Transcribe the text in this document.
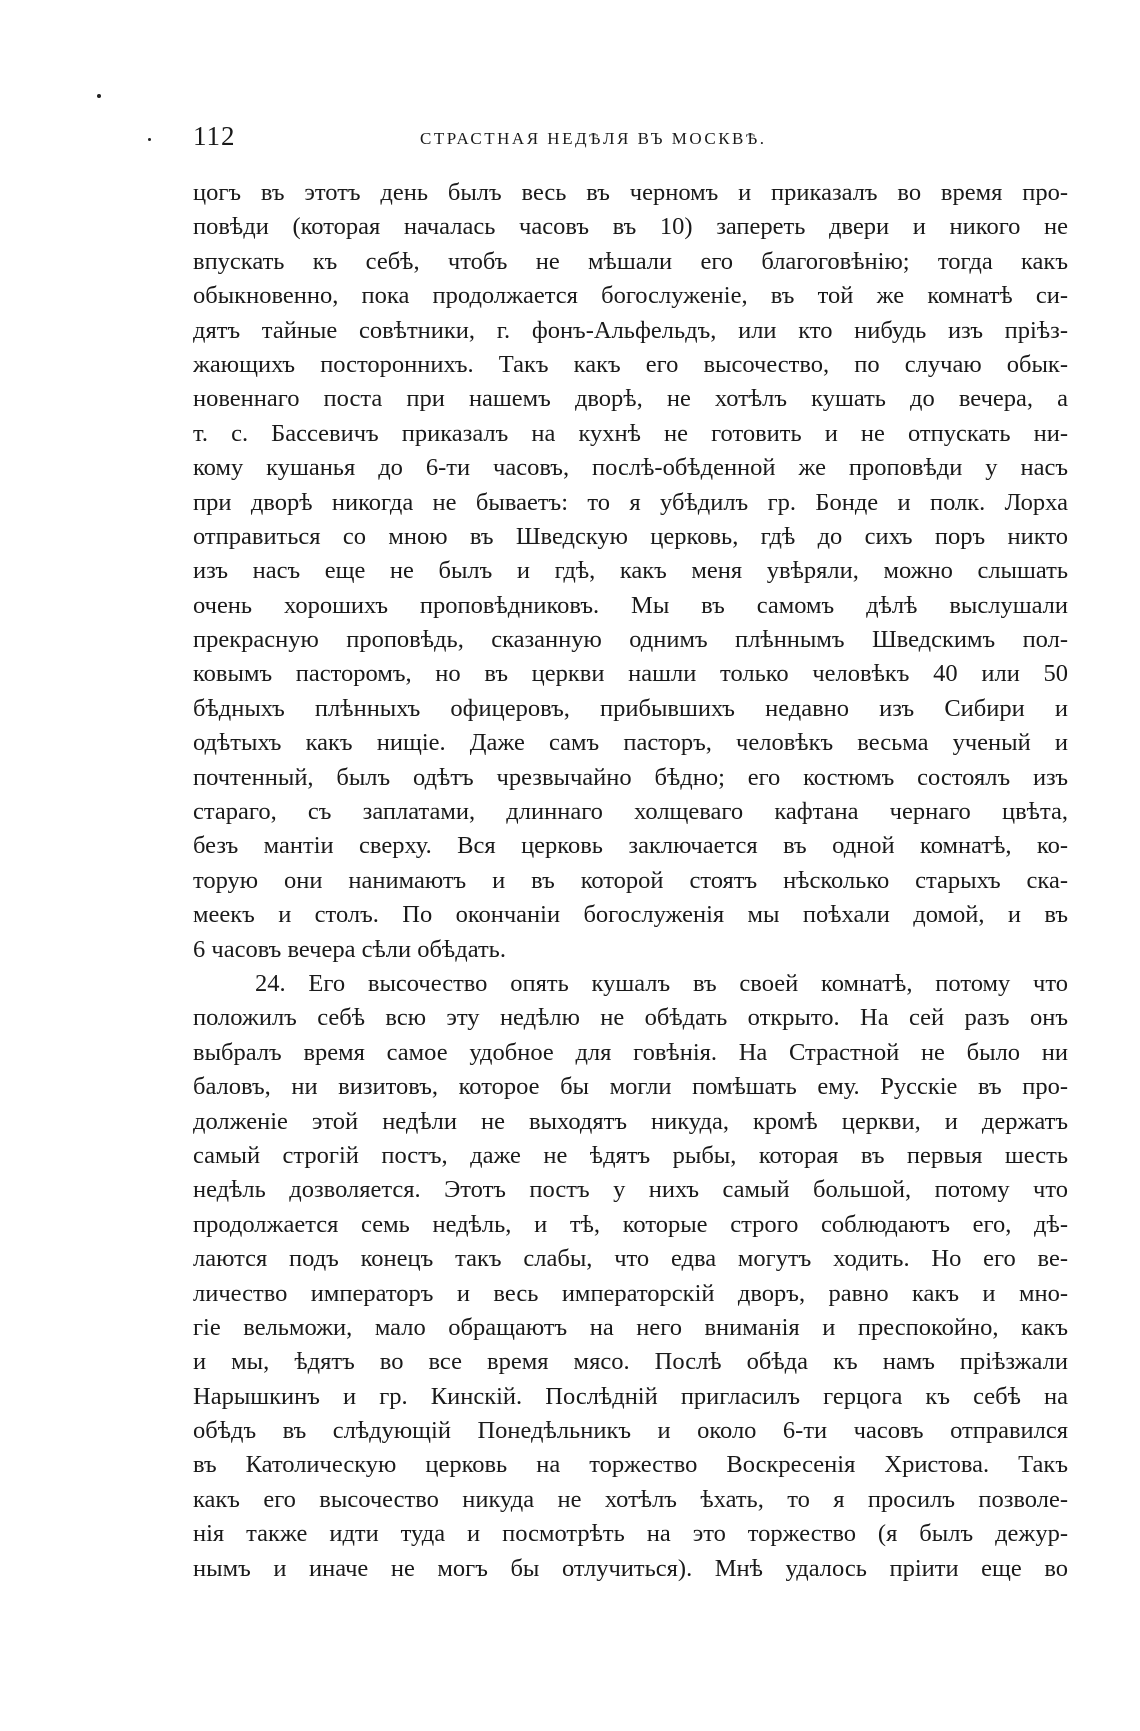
112	СТРАСТНАЯ НЕДѢЛЯ ВЪ МОСКВѢ.
цогъ въ этотъ день былъ весь въ черномъ и приказалъ во время про-
повѣди (которая началась часовъ въ 10) запереть двери и никого не
впускать къ себѣ, чтобъ не мѣшали его благоговѣнію; тогда какъ
обыкновенно, пока продолжается богослуженіе, въ той же комнатѣ си-
дятъ тайные совѣтники, г. фонъ-Альфельдъ, или кто нибудь изъ пріѣз-
жающихъ постороннихъ. Такъ какъ его высочество, по случаю обык-
новеннаго поста при нашемъ дворѣ, не хотѣлъ кушать до вечера, а
т. с. Бассевичъ приказалъ на кухнѣ не готовить и не отпускать ни-
кому кушанья до 6-ти часовъ, послѣ-обѣденной же проповѣди у насъ
при дворѣ никогда не бываетъ: то я убѣдилъ гр. Бонде и полк. Лорха
отправиться со мною въ Шведскую церковь, гдѣ до сихъ поръ никто
изъ насъ еще не былъ и гдѣ, какъ меня увѣряли, можно слышать
очень хорошихъ проповѣдниковъ. Мы въ самомъ дѣлѣ выслушали
прекрасную проповѣдь, сказанную однимъ плѣннымъ Шведскимъ пол-
ковымъ пасторомъ, но въ церкви нашли только человѣкъ 40 или 50
бѣдныхъ плѣнныхъ офицеровъ, прибывшихъ недавно изъ Сибири и
одѣтыхъ какъ нищіе. Даже самъ пасторъ, человѣкъ весьма ученый и
почтенный, былъ одѣтъ чрезвычайно бѣдно; его костюмъ состоялъ изъ
стараго, съ заплатами, длиннаго холщеваго кафтана чернаго цвѣта,
безъ мантіи сверху. Вся церковь заключается въ одной комнатѣ, ко-
торую они нанимаютъ и въ которой стоятъ нѣсколько старыхъ ска-
меекъ и столъ. По окончаніи богослуженія мы поѣхали домой, и въ
6 часовъ вечера сѣли обѣдать.
24. Его высочество опять кушалъ въ своей комнатѣ, потому что
положилъ себѣ всю эту недѣлю не обѣдать открыто. На сей разъ онъ
выбралъ время самое удобное для говѣнія. На Страстной не было ни
баловъ, ни визитовъ, которое бы могли помѣшать ему. Русскіе въ про-
долженіе этой недѣли не выходятъ никуда, кромѣ церкви, и держатъ
самый строгій постъ, даже не ѣдятъ рыбы, которая въ первыя шесть
недѣль дозволяется. Этотъ постъ у нихъ самый большой, потому что
продолжается семь недѣль, и тѣ, которые строго соблюдаютъ его, дѣ-
лаются подъ конецъ такъ слабы, что едва могутъ ходить. Но его ве-
личество императоръ и весь императорскій дворъ, равно какъ и мно-
гіе вельможи, мало обращаютъ на него вниманія и преспокойно, какъ
и мы, ѣдятъ во все время мясо. Послѣ обѣда къ намъ пріѣзжали
Нарышкинъ и гр. Кинскій. Послѣдній пригласилъ герцога къ себѣ на
обѣдъ въ слѣдующій Понедѣльникъ и около 6-ти часовъ отправился
въ Католическую церковь на торжество Воскресенія Христова. Такъ
какъ его высочество никуда не хотѣлъ ѣхать, то я просилъ позволе-
нія также идти туда и посмотрѣть на это торжество (я былъ дежур-
нымъ и иначе не могъ бы отлучиться). Мнѣ удалось пріити еще во
